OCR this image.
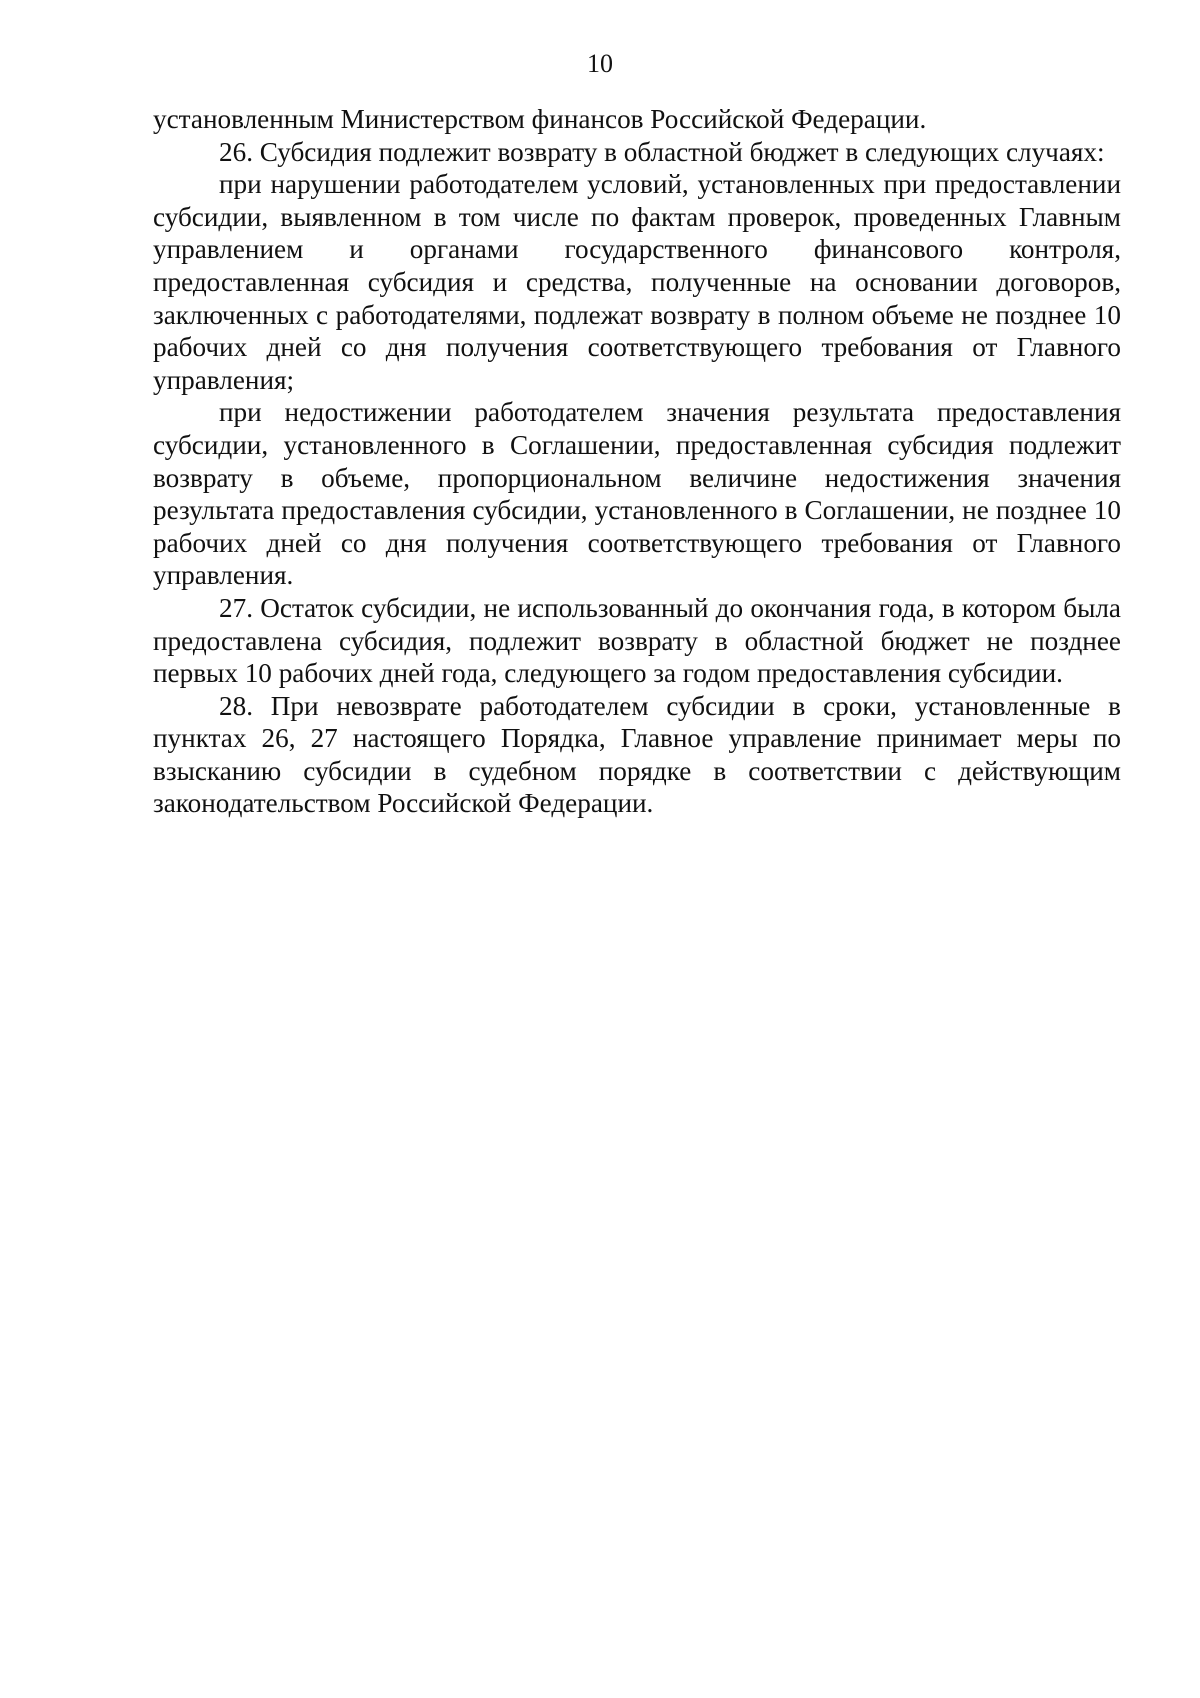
10

установленным Министерством финансов Российской Федерации.

26. Субсидия подлежит возврату в областной бюджет в следующих случаях:

при нарушении работодателем условий, установленных при предоставлении субсидии, выявленном в том числе по фактам проверок, проведенных Главным управлением и органами государственного финансового контроля, предоставленная субсидия и средства, полученные на основании договоров, заключенных с работодателями, подлежат возврату в полном объеме не позднее 10 рабочих дней со дня получения соответствующего требования от Главного управления;

при недостижении работодателем значения результата предоставления субсидии, установленного в Соглашении, предоставленная субсидия подлежит возврату в объеме, пропорциональном величине недостижения значения результата предоставления субсидии, установленного в Соглашении, не позднее 10 рабочих дней со дня получения соответствующего требования от Главного управления.

27. Остаток субсидии, не использованный до окончания года, в котором была предоставлена субсидия, подлежит возврату в областной бюджет не позднее первых 10 рабочих дней года, следующего за годом предоставления субсидии.

28. При невозврате работодателем субсидии в сроки, установленные в пунктах 26, 27 настоящего Порядка, Главное управление принимает меры по взысканию субсидии в судебном порядке в соответствии с действующим законодательством Российской Федерации.
